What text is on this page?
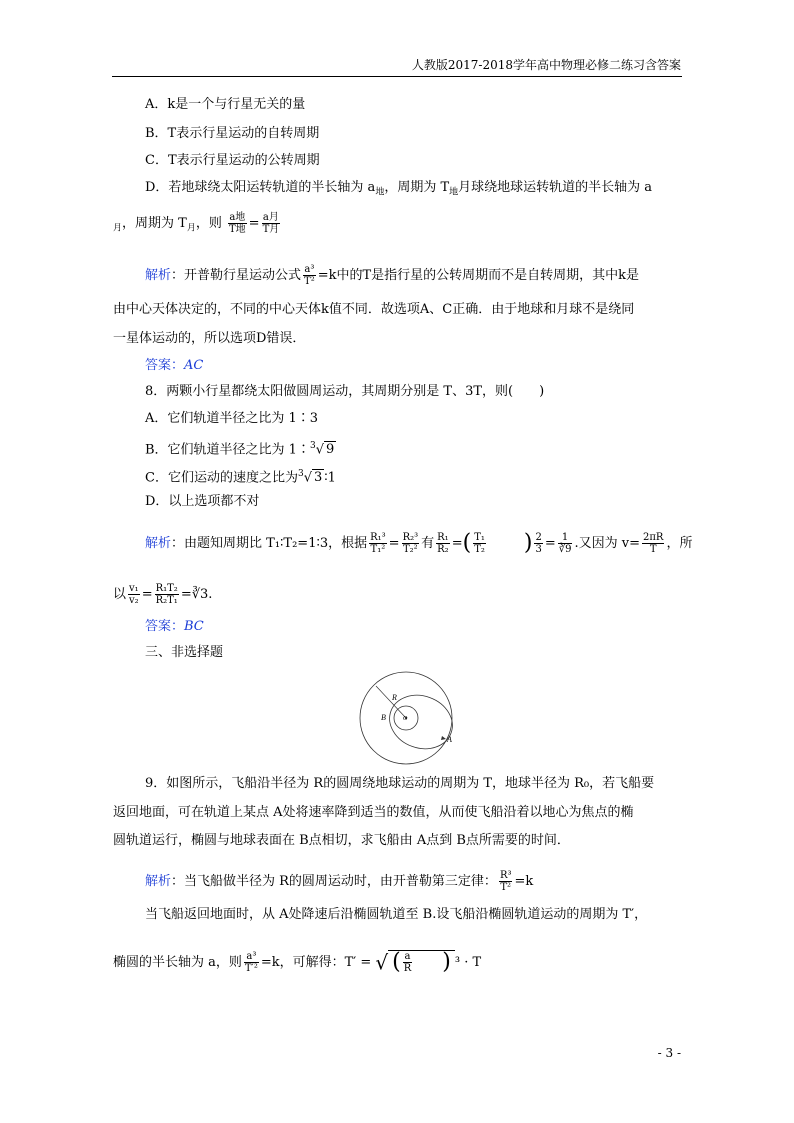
人教版2017-2018学年高中物理必修二练习含答案
A．k是一个与行星无关的量
B．T表示行星运动的自转周期
C．T表示行星运动的公转周期
D．若地球绕太阳运转轨道的半长轴为 $a_地$，周期为 $T_地$月球绕地球运转轨道的半长轴为 a
$_月$，周期为 $T_月$，则 $\frac{\text{a地}}{\text{T地}} = \frac{\text{a月}}{\text{T月}}$
解析：开普勒行星运动公式 $\frac{\text{a³}}{\text{T²}} =k$中的T是指行星的公转周期而不是自转周期，其中k是
由中心天体决定的，不同的中心天体k值不同．故选项A、C正确．由于地球和月球不是绕同
一星体运动的，所以选项D错误．
答案：AC
8．两颗小行星都绕太阳做圆周运动，其周期分别是 T、3T，则(　　)
A．它们轨道半径之比为 1∶3
B．它们轨道半径之比为 1∶$^3$√ 9
C．它们运动的速度之比为$^3$√ 3 ∶1
D．以上选项都不对
解析：由题知周期比 T₁∶T₂=1∶3，根据 $\frac{\text{R₁³}}{\text{T₁²}} = \frac{\text{R₂³}}{\text{T₂²}}$ 有 $\frac{\text{R₁}}{\text{R₂}}$ =( $\frac{\text{T₁}}{\text{T₂}}$ ) $\frac{2}{3} = \frac{1}{∛9}$ .又因为 $v= \frac{2\pi R}{T}$ ，所
以 $\frac{\text{v₁}}{\text{v₂}} = \frac{\text{R₁T₂}}{\text{R₂T₁}}$ =∛3.
答案：BC
三、非选择题
R
B	O
A
9．如图所示，飞船沿半径为 R的圆周绕地球运动的周期为 T，地球半径为 R₀，若飞船要
返回地面，可在轨道上某点 A处将速率降到适当的数值，从而使飞船沿着以地心为焦点的椭
圆轨道运行，椭圆与地球表面在 B点相切，求飞船由 A点到 B点所需要的时间．
解析：当飞船做半径为 R的圆周运动时，由开普勒第三定律： $\frac{\text{R³}}{\text{T²}} =k$
当飞船返回地面时，从 A处降速后沿椭圆轨道至 B.设飞船沿椭圆轨道运动的周期为 T′，
椭圆的半长轴为 a，则 $\frac{\text{a³}}{\text{T′²}} =k$，可解得：T′ = √ ( $\frac{a}{R}$ ) ³ · T
- 3 -
